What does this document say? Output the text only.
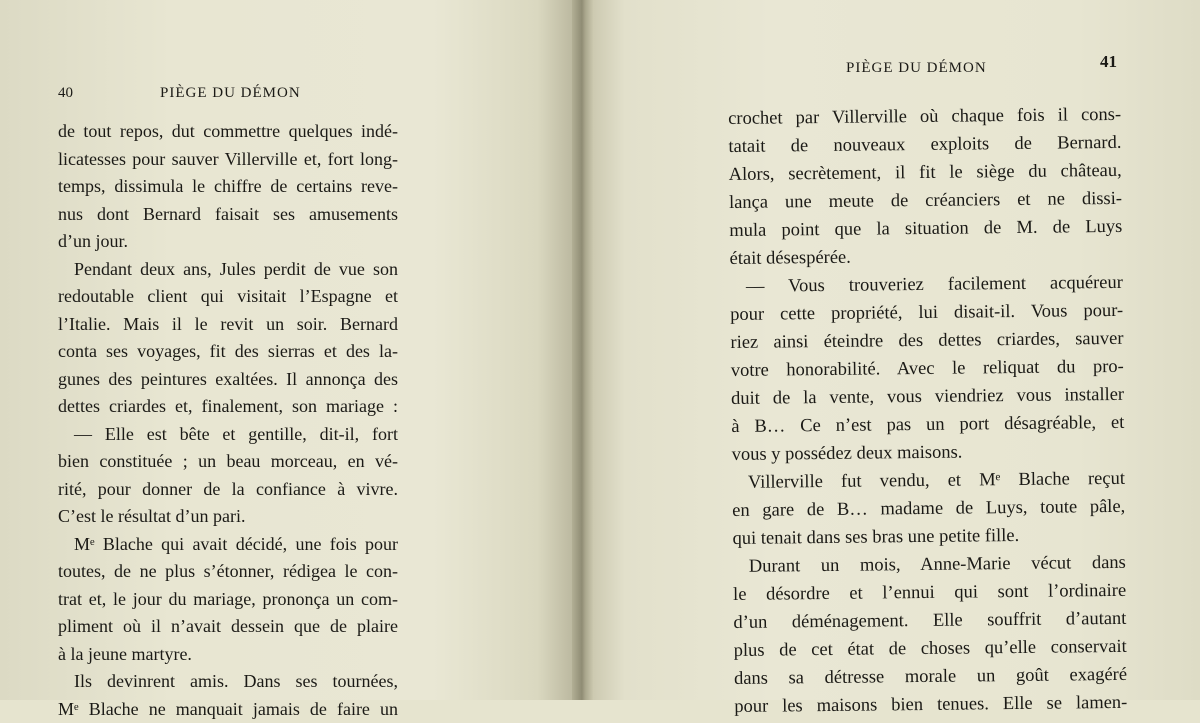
40	PIÈGE DU DÉMON
de tout repos, dut commettre quelques indé-
licatesses pour sauver Villerville et, fort long-
temps, dissimula le chiffre de certains reve-
nus dont Bernard faisait ses amusements
d’un jour.
Pendant deux ans, Jules perdit de vue son
redoutable client qui visitait l’Espagne et
l’Italie. Mais il le revit un soir. Bernard
conta ses voyages, fit des sierras et des la-
gunes des peintures exaltées. Il annonça des
dettes criardes et, finalement, son mariage :
— Elle est bête et gentille, dit-il, fort
bien constituée ; un beau morceau, en vé-
rité, pour donner de la confiance à vivre.
C’est le résultat d’un pari.
Mᵉ Blache qui avait décidé, une fois pour
toutes, de ne plus s’étonner, rédigea le con-
trat et, le jour du mariage, prononça un com-
pliment où il n’avait dessein que de plaire
à la jeune martyre.
Ils devinrent amis. Dans ses tournées,
Mᵉ Blache ne manquait jamais de faire un
PIÈGE DU DÉMON	41
crochet par Villerville où chaque fois il cons-
tatait de nouveaux exploits de Bernard.
Alors, secrètement, il fit le siège du château,
lança une meute de créanciers et ne dissi-
mula point que la situation de M. de Luys
était désespérée.
— Vous trouveriez facilement acquéreur
pour cette propriété, lui disait-il. Vous pour-
riez ainsi éteindre des dettes criardes, sauver
votre honorabilité. Avec le reliquat du pro-
duit de la vente, vous viendriez vous installer
à B… Ce n’est pas un port désagréable, et
vous y possédez deux maisons.
Villerville fut vendu, et Mᵉ Blache reçut
en gare de B… madame de Luys, toute pâle,
qui tenait dans ses bras une petite fille.
Durant un mois, Anne-Marie vécut dans
le désordre et l’ennui qui sont l’ordinaire
d’un déménagement. Elle souffrit d’autant
plus de cet état de choses qu’elle conservait
dans sa détresse morale un goût exagéré
pour les maisons bien tenues. Elle se lamen-
